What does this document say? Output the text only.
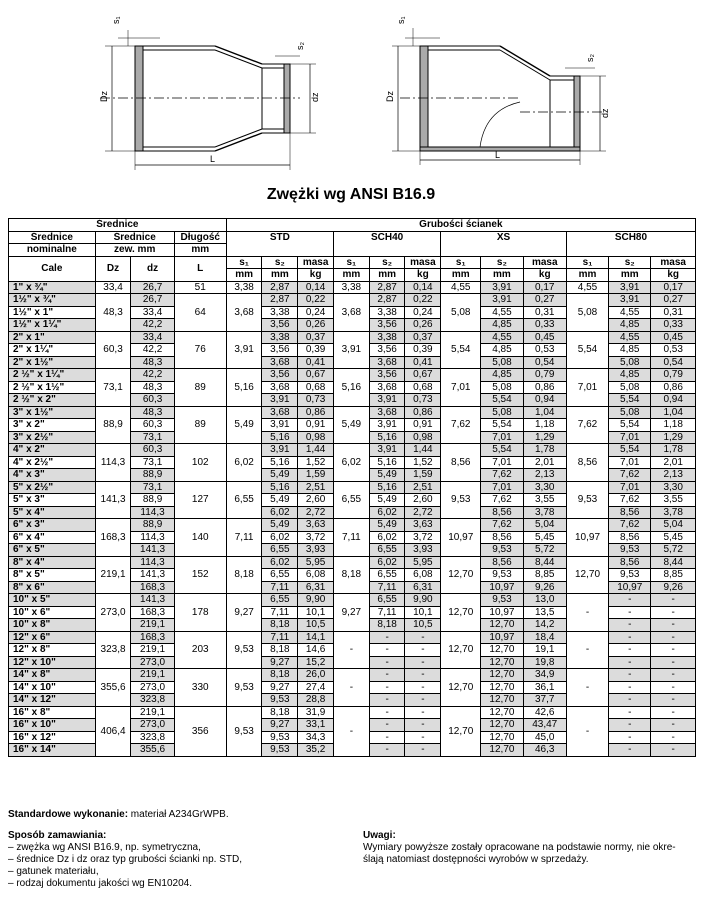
s₁
s₂
Dz	dz
L
s₁
s₂
Dz
dz
L
Zwężki wg ANSI B16.9
Średnice				Grubości ścianek											
Średnice	Średnice		Długość	STD			SCH40			XS			SCH80		
nominalne	zew. mm		mm												
Cale	Dz	dz	L	s₁	s₂	masa	s₁	s₂	masa	s₁	s₂	masa	s₁	s₂	masa
				mm	mm	kg	mm	mm	kg	mm	mm	kg	mm	mm	kg
1" x ¾"	33,4	26,7	51	3,38	2,87	0,14	3,38	2,87	0,14	4,55	3,91	0,17	4,55	3,91	0,17
1½" x ¾"	48,3	26,7	64	3,68	2,87	0,22	3,68	2,87	0,22	5,08	3,91	0,27	5,08	3,91	0,27
1½" x 1"		33,4			3,38	0,24		3,38	0,24		4,55	0,31		4,55	0,31
1½" x 1¼"		42,2			3,56	0,26		3,56	0,26		4,85	0,33		4,85	0,33
2" x 1"	60,3	33,4	76	3,91	3,38	0,37	3,91	3,38	0,37	5,54	4,55	0,45	5,54	4,55	0,45
2" x 1¼"		42,2			3,56	0,39		3,56	0,39		4,85	0,53		4,85	0,53
2" x 1½"		48,3			3,68	0,41		3,68	0,41		5,08	0,54		5,08	0,54
2 ½" x 1¼"	73,1	42,2	89	5,16	3,56	0,67	5,16	3,56	0,67	7,01	4,85	0,79	7,01	4,85	0,79
2 ½" x 1½"		48,3			3,68	0,68		3,68	0,68		5,08	0,86		5,08	0,86
2 ½" x 2"		60,3			3,91	0,73		3,91	0,73		5,54	0,94		5,54	0,94
3" x 1½"	88,9	48,3	89	5,49	3,68	0,86	5,49	3,68	0,86	7,62	5,08	1,04	7,62	5,08	1,04
3" x 2"		60,3			3,91	0,91		3,91	0,91		5,54	1,18		5,54	1,18
3" x 2½"		73,1			5,16	0,98		5,16	0,98		7,01	1,29		7,01	1,29
4" x 2"	114,3	60,3	102	6,02	3,91	1,44	6,02	3,91	1,44	8,56	5,54	1,78	8,56	5,54	1,78
4" x 2½"		73,1			5,16	1,52		5,16	1,52		7,01	2,01		7,01	2,01
4" x 3"		88,9			5,49	1,59		5,49	1,59		7,62	2,13		7,62	2,13
5" x 2½"	141,3	73,1	127	6,55	5,16	2,51	6,55	5,16	2,51	9,53	7,01	3,30	9,53	7,01	3,30
5" x 3"		88,9			5,49	2,60		5,49	2,60		7,62	3,55		7,62	3,55
5" x 4"		114,3			6,02	2,72		6,02	2,72		8,56	3,78		8,56	3,78
6" x 3"	168,3	88,9	140	7,11	5,49	3,63	7,11	5,49	3,63	10,97	7,62	5,04	10,97	7,62	5,04
6" x 4"		114,3			6,02	3,72		6,02	3,72		8,56	5,45		8,56	5,45
6" x 5"		141,3			6,55	3,93		6,55	3,93		9,53	5,72		9,53	5,72
8" x 4"	219,1	114,3	152	8,18	6,02	5,95	8,18	6,02	5,95	12,70	8,56	8,44	12,70	8,56	8,44
8" x 5"		141,3			6,55	6,08		6,55	6,08		9,53	8,85		9,53	8,85
8" x 6"		168,3			7,11	6,31		7,11	6,31		10,97	9,26		10,97	9,26
10" x 5"	273,0	141,3	178	9,27	6,55	9,90	9,27	6,55	9,90	12,70	9,53	13,0	-	-	-
10" x 6"		168,3			7,11	10,1		7,11	10,1		10,97	13,5		-	-
10" x 8"		219,1			8,18	10,5		8,18	10,5		12,70	14,2		-	-
12" x 6"	323,8	168,3	203	9,53	7,11	14,1	-	-	-	12,70	10,97	18,4	-	-	-
12" x 8"		219,1			8,18	14,6		-	-		12,70	19,1		-	-
12" x 10"		273,0			9,27	15,2		-	-		12,70	19,8		-	-
14" x 8"	355,6	219,1	330	9,53	8,18	26,0	-	-	-	12,70	12,70	34,9	-	-	-
14" x 10"		273,0			9,27	27,4		-	-		12,70	36,1		-	-
14" x 12"		323,8			9,53	28,8		-	-		12,70	37,7		-	-
16" x 8"	406,4	219,1	356	9,53	8,18	31,9	-	-	-	12,70	12,70	42,6	-	-	-
16" x 10"		273,0			9,27	33,1		-	-		12,70	43,47		-	-
16" x 12"		323,8			9,53	34,3		-	-		12,70	45,0		-	-
16" x 14"		355,6			9,53	35,2		-	-		12,70	46,3		-	-
Standardowe wykonanie: materiał A234GrWPB.
Sposób zamawiania:
– zwężka wg ANSI B16.9, np. symetryczna,
– średnice Dz i dz oraz typ grubości ścianki np. STD,
– gatunek materiału,
– rodzaj dokumentu jakości wg EN10204.
Uwagi:
Wymiary powyższe zostały opracowane na podstawie normy, nie okre-
ślają natomiast dostępności wyrobów w sprzedaży.
